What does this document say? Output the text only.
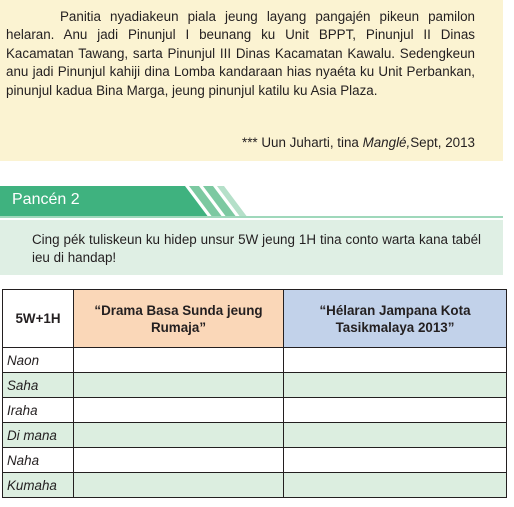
Panitia nyadiakeun piala jeung layang pangajén pikeun pamilon helaran. Anu jadi Pinunjul I beunang ku Unit BPPT, Pinunjul II Dinas Kacamatan Tawang, sarta Pinunjul III Dinas Kacamatan Kawalu. Sedengkeun anu jadi Pinunjul kahiji dina Lomba kandaraan hias nyaéta ku Unit Perbankan, pinunjul kadua Bina Marga, jeung pinunjul katilu ku Asia Plaza.
*** Uun Juharti, tina Manglé,Sept, 2013
Pancén 2
Cing pék tuliskeun ku hidep unsur 5W jeung 1H tina conto warta kana tabél ieu di handap!
5W+1H	“Drama Basa Sunda jeung Rumaja”	“Hélaran Jampana Kota Tasikmalaya 2013”
Naon		
Saha		
Iraha		
Di mana		
Naha		
Kumaha		
